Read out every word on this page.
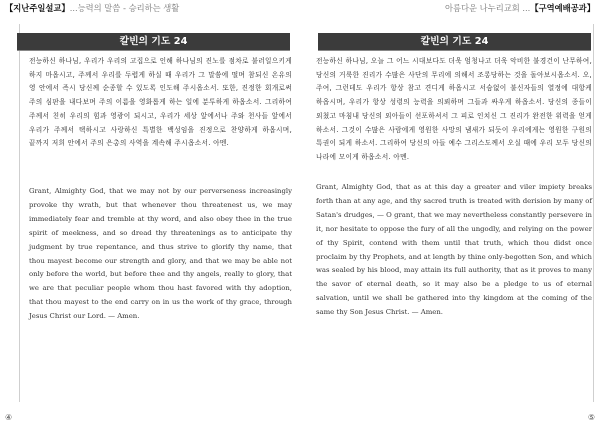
【지난주일설교】...능력의 말씀 - 승리하는 생활
칼빈의 기도 24
전능하신 하나님, 우리가 우리의 고집으로 인해 하나님의 진노를 점차로 불러일으키게 하지 마옵시고, 주께서 우리를 두렵게 하실 때 우리가 그 말씀에 떨며 참되신 온유의 영 안에서 즉시 당신께 순종할 수 있도록 인도해 주시옵소서. 또한, 진정한 회개로써 주의 심판을 내다보며 주의 이름을 영화롭게 하는 일에 분투하게 하옵소서. 그리하여 주께서 친히 우리의 힘과 영광이 되시고, 우리가 세상 앞에서나 주와 천사들 앞에서 우리가 주께서 택하시고 사랑하신 특별한 백성임을 진정으로 찬양하게 하옵시며, 끝까지 저희 안에서 주의 은총의 사역을 계속해 주시옵소서. 아멘.
Grant, Almighty God, that we may not by our perverseness increasingly provoke thy wrath, but that whenever thou threatenest us, we may immediately fear and tremble at thy word, and also obey thee in the true spirit of meekness, and so dread thy threatenings as to anticipate thy judgment by true repentance, and thus strive to glorify thy name, that thou mayest become our strength and glory, and that we may be able not only before the world, but before thee and thy angels, really to glory, that we are that peculiar people whom thou hast favored with thy adoption, that thou mayest to the end carry on in us the work of thy grace, through Jesus Christ our Lord. — Amen.
④
아름다운 나누리교회 ...【구역예배공과】
칼빈의 기도 24
전능하신 하나님, 오늘 그 어느 시대보다도 더욱 엄청나고 더욱 악비한 불경건이 난무하여, 당신의 거룩한 진리가 수많은 사단의 무리에 의해서 조롱당하는 것을 돌아보시옵소서. 오, 주여, 그런데도 우리가 항상 참고 견디게 하옵시고 서슴없이 불신자들의 열정에 대항케 하옵시며, 우리가 항상 성령의 능력을 의뢰하며 그들과 싸우게 하옵소서. 당신의 종들이 외쳤고 마침내 당신의 외아들이 선포하셔서 그 피로 인치신 그 진리가 완전한 위력을 얻게 하소서. 그것이 수많은 사람에게 영원한 사망의 냄새가 되듯이 우리에게는 영원한 구원의 특권이 되게 하소서. 그리하여 당신의 아들 예수 그리스도께서 오실 때에 우리 모두 당신의 나라에 모이게 하옵소서. 아멘.
Grant, Almighty God, that as at this day a greater and viler impiety breaks forth than at any age, and thy sacred truth is treated with derision by many of Satan's drudges, — O grant, that we may nevertheless constantly persevere in it, nor hesitate to oppose the fury of all the ungodly, and relying on the power of thy Spirit, contend with them until that truth, which thou didst once proclaim by thy Prophets, and at length by thine only-begotten Son, and which was sealed by his blood, may attain its full authority, that as it proves to many the savor of eternal death, so it may also be a pledge to us of eternal salvation, until we shall be gathered into thy kingdom at the coming of the same thy Son Jesus Christ. — Amen.
⑤
